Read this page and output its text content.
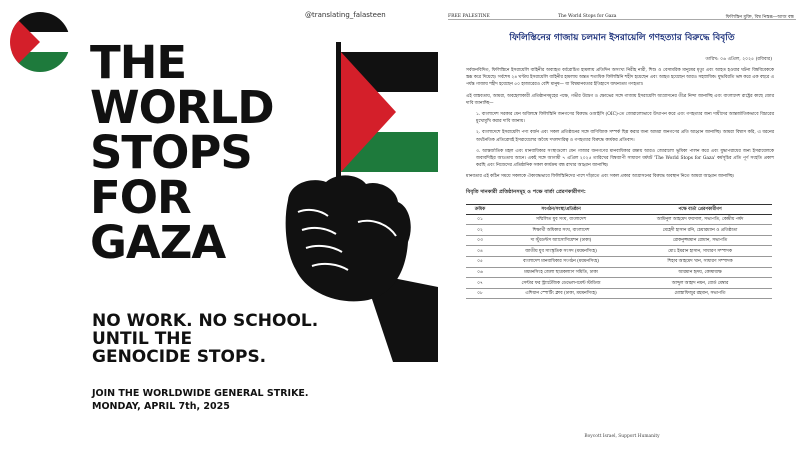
@translating_falasteen
THE
WORLD
STOPS
FOR
GAZA
NO WORK. NO SCHOOL.
UNTIL THE
GENOCIDE STOPS.
JOIN THE WORLDWIDE GENERAL STRIKE.
MONDAY, APRIL 7th, 2025
FREE PALESTINE	The World Stops for Gaza	ফিলিস্তিন মুক্তি, বিশ্ব নিস্তব্ধ—আজ বন্ধ
ফিলিস্তিনের গাজায় চলমান ইসরায়েলি গণহত্যার বিরুদ্ধে বিবৃতি
তারিখ: ০৬ এপ্রিল, ২০২৫ (রবিবার)

সর্বজনবিদিত, ফিলিস্তিনে ইসরায়েলি বাহিনীর অব্যাহত বর্বরোচিত হামলায় প্রতিদিন অসংখ্য নিরীহ নারী, শিশু ও বেসামরিক মানুষের মৃত্যু এবং আহত হওয়ার ঘটনা বিশ্ববিবেককে স্তব্ধ করে দিয়েছে। সর্বশেষ ২৪ ঘণ্টায় ইসরায়েলি বাহিনীর হামলায় অন্তত শতাধিক ফিলিস্তিনি শহীদ হয়েছেন এবং আহত হয়েছেন আরও সহস্রাধিক। যুদ্ধবিরতি ভঙ্গ করে এক বছরে এ পর্যন্ত গাজায় শহীদ হয়েছেন ৫০ হাজারেরও বেশি মানুষ— যা বিশ্বমানবতার ইতিহাসে জঘন্যতম গণহত্যা।

এই বাস্তবতায়, আমরা, অবহেলাকারী প্রতিষ্ঠানসমূহের পক্ষে, গভীর উদ্বেগ ও ক্ষোভের সঙ্গে গাজায় ইসরায়েলি আগ্রাসনের তীব্র নিন্দা জানাচ্ছি এবং বাংলাদেশ রাষ্ট্রের কাছে জোর দাবি জানাচ্ছি—

১. বাংলাদেশ সরকার যেন অবিলম্বে ফিলিস্তিনি জনগণের বিরুদ্ধে ওআইসি (OIC)-তে জোরালোভাবে উত্থাপন করে এবং গণহত্যার জন্য দায়ীদের আন্তর্জাতিকভাবে বিচারের মুখোমুখি করার দাবি জানায়।

২. বাংলাদেশে ইসরায়েলি পণ্য বর্জন এবং সকল প্রতিষ্ঠানের সঙ্গে বাণিজ্যিক সম্পর্ক ছিন্ন করার জন্য আমরা জনগণের প্রতি আহ্বান জানাচ্ছি। আমরা বিশ্বাস করি, এ ধরনের অর্থনৈতিক প্রতিরোধই ইসরায়েলের অবৈধ দখলদারিত্ব ও গণহত্যার বিরুদ্ধে কার্যকর প্রতিবাদ।

৩. আন্তর্জাতিক মহল এবং মানবাধিকার সংস্থাগুলো যেন গাজার জনগণের মানবাধিকার রক্ষায় আরও জোরালো ভূমিকা পালন করে এবং যুদ্ধাপরাধের জন্য ইসরায়েলকে জবাবদিহির আওতায় আনে। একই সঙ্গে আগামী ৭ এপ্রিল ২০২৫ তারিখের বিশ্বব্যাপী সাধারণ ধর্মঘট 'The World Stops for Gaza' কর্মসূচির প্রতি পূর্ণ সংহতি প্রকাশ করছি এবং নিজেদের প্রতিষ্ঠানিক সকল কার্যক্রম বন্ধ রাখার আহ্বান জানাচ্ছি।

মানবতার এই কঠিন সময়ে সকলকে ঐক্যবদ্ধভাবে ফিলিস্তিনিদের পাশে দাঁড়াতে এবং সকল প্রকার আগ্রাসনের বিরুদ্ধে অবস্থান নিতে আমরা আহ্বান জানাচ্ছি।

বিবৃতি দানকারী প্রতিষ্ঠানসমূহ ও পক্ষে বার্তা প্রেরণকারীগণ:
ক্রমিক	সংগঠন/সংস্থা/প্রতিষ্ঠান	পক্ষে বার্তা প্রেরণকারীগণ
০১	সম্মিলিত যুব সংঘ, বাংলাদেশ	আমিনুল আহমেদ ফয়সাল, সভাপতি, কেন্দ্রীয় পর্ষদ
০২	শিক্ষার্থী অধিকার সংঘ, বাংলাদেশ	মেহেদী হাসান রনি, চেয়ারম্যান ও প্রতিষ্ঠাতা
০৩	দ্য স্টুডেন্টস অ্যাসোসিয়েশন (ঢাকা)	রোকনুজ্জামান রোমান, সভাপতি
০৪	জাতীয় যুব সাংস্কৃতিক সংসদ (ময়মনসিংহ)	মোঃ ইমরান হাসান, সাধারণ সম্পাদক
০৫	বাংলাদেশ মানবাধিকার সংগঠন (ময়মনসিংহ)	শিহাব আহমেদ খান, সাধারণ সম্পাদক
০৬	ময়মনসিংহ জেলা ছাত্রকল্যাণ সমিতি, ঢাকা	আরমান হৃদয়, কোষাধ্যক্ষ
০৭	সেন্টার ফর স্ট্র্যাটেজিক ডেভেলপমেন্ট স্টাডিজ	আব্দুল আহাদ নয়ন, বোর্ড মেম্বার
০৮	এশিয়ান স্পোর্টিং ক্লাব (ঢাকা, ময়মনসিংহ)	মোস্তাফিজুর রহমান, সভাপতি
Boycott Israel, Support Humanity
